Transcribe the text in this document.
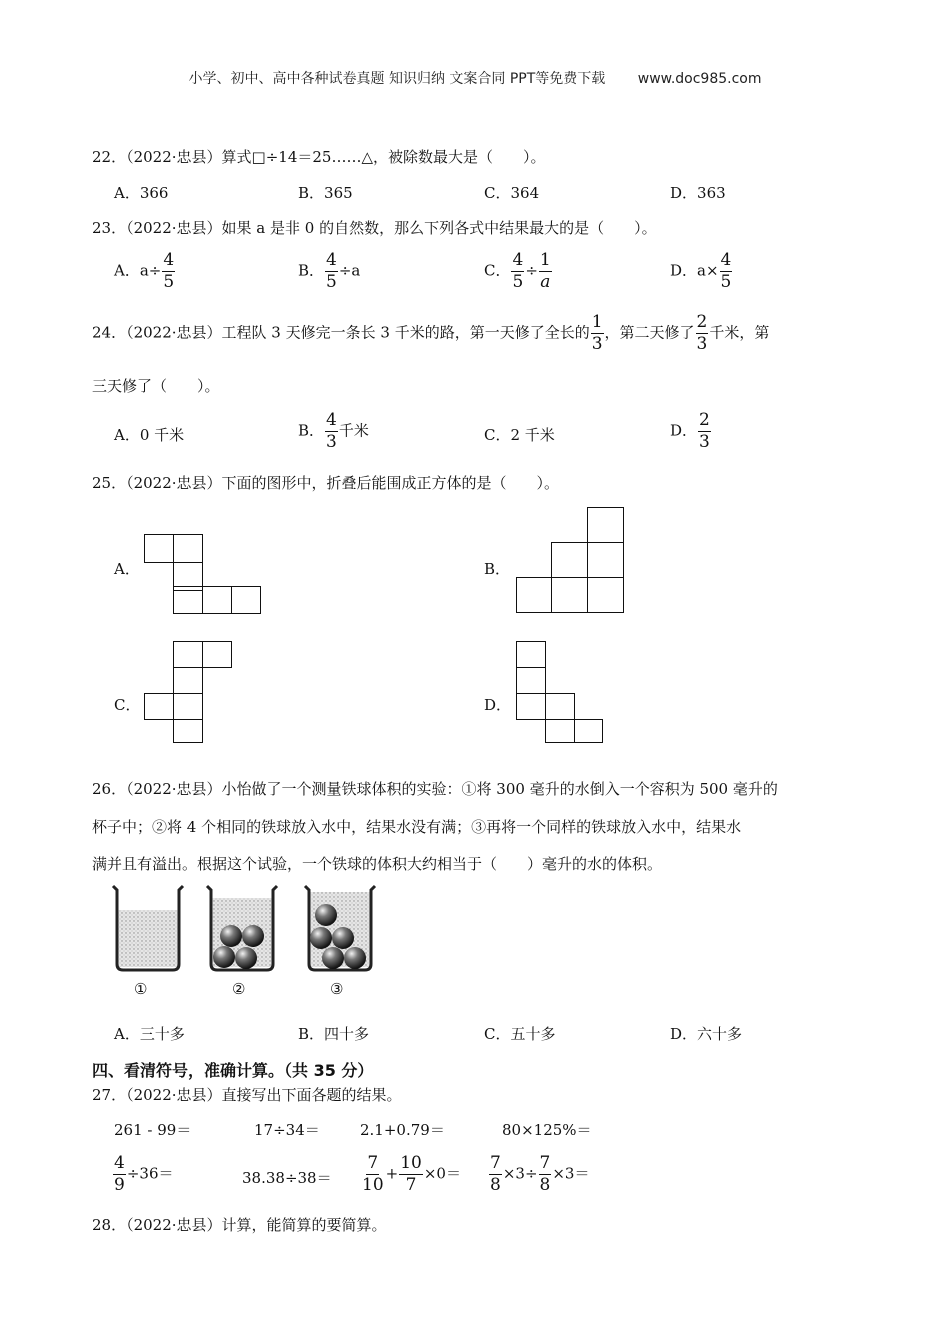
小学、初中、高中各种试卷真题 知识归纳 文案合同 PPT等免费下载 www.doc985.com
22．（2022·忠县）算式□÷14＝25……△，被除数最大是（　　）。
A．366	B．365	C．364	D．363
23．（2022·忠县）如果 a 是非 0 的自然数，那么下列各式中结果最大的是（　　）。
A．$a\div \frac{4}{5}$	B． $\frac{4}{5} \div a$	C． $\frac{4}{5} \div \frac{1}{a}$	D．$a\times \frac{4}{5}$
24．（2022·忠县）工程队 3 天修完一条长 3 千米的路，第一天修了全长的 $\frac{1}{3}$ ，第二天修了 $\frac{2}{3}$ 千米，第
三天修了（　　）。
A．0 千米	B． $\frac{4}{3}$ 千米	C．2 千米	D． $\frac{2}{3}$
25．（2022·忠县）下面的图形中，折叠后能围成正方体的是（　　）。
A．	B．
C．	D．
26．（2022·忠县）小怡做了一个测量铁球体积的实验：①将 300 毫升的水倒入一个容积为 500 毫升的
杯子中；②将 4 个相同的铁球放入水中，结果水没有满；③再将一个同样的铁球放入水中，结果水
满并且有溢出。根据这个试验，一个铁球的体积大约相当于（　　）毫升的水的体积。
①	②	③
A．三十多	B．四十多	C．五十多	D．六十多
四、看清符号，准确计算。（共 35 分）
27．（2022·忠县）直接写出下面各题的结果。
261 - 99＝	17÷34＝	2.1+0.79＝	80×125%＝
$\frac{4}{9} \div 36=$	$38.38\div 38= \frac{7}{10} + \frac{10}{7} \times 0= \frac{7}{8} \times 3\div \frac{7}{8} \times 3=$
28．（2022·忠县）计算，能简算的要简算。
